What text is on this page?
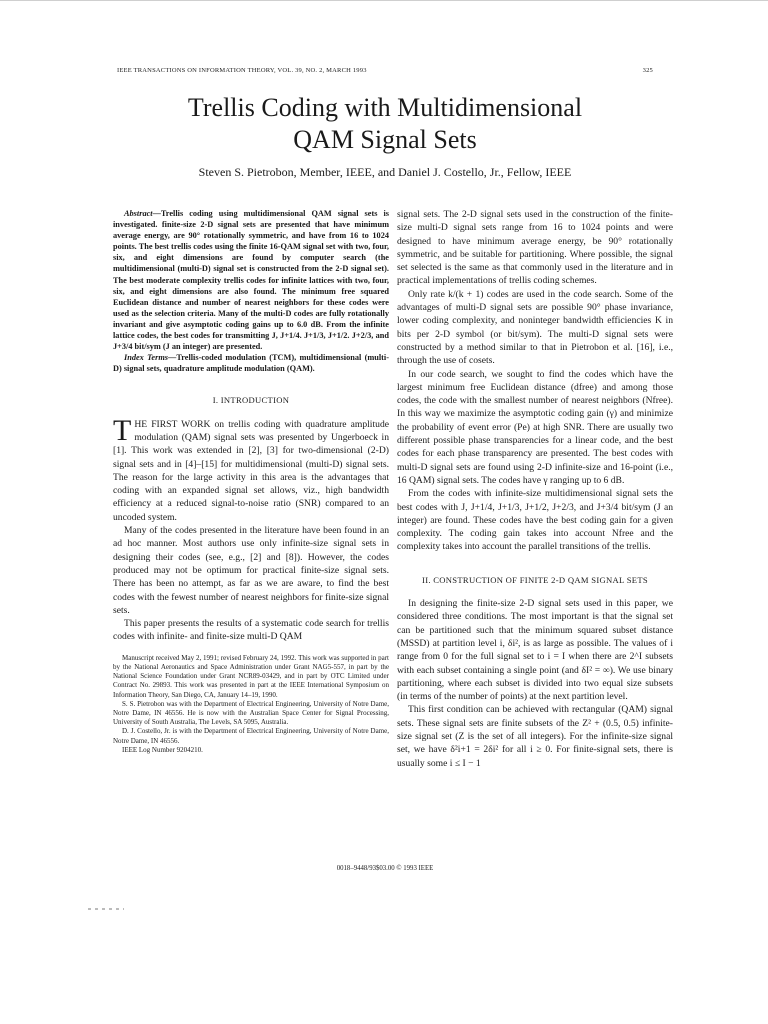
IEEE TRANSACTIONS ON INFORMATION THEORY, VOL. 39, NO. 2, MARCH 1993	325
Trellis Coding with Multidimensional
QAM Signal Sets
Steven S. Pietrobon, Member, IEEE, and Daniel J. Costello, Jr., Fellow, IEEE

Abstract—Trellis coding using multidimensional QAM signal sets is investigated. finite-size 2-D signal sets are presented that have minimum average energy, are 90° rotationally symmetric, and have from 16 to 1024 points. The best trellis codes using the finite 16-QAM signal set with two, four, six, and eight dimensions are found by computer search (the multidimensional (multi-D) signal set is constructed from the 2-D signal set). The best moderate complexity trellis codes for infinite lattices with two, four, six, and eight dimensions are also found. The minimum free squared Euclidean distance and number of nearest neighbors for these codes were used as the selection criteria. Many of the multi-D codes are fully rotationally invariant and give asymptotic coding gains up to 6.0 dB. From the infinite lattice codes, the best codes for transmitting J, J+1/4. J+1/3, J+1/2. J+2/3, and J+3/4 bit/sym (J an integer) are presented.

Index Terms—Trellis-coded modulation (TCM), multidimensional (multi-D) signal sets, quadrature amplitude modulation (QAM).

I. INTRODUCTION

THE FIRST WORK on trellis coding with quadrature amplitude modulation (QAM) signal sets was presented by Ungerboeck in [1]. This work was extended in [2], [3] for two-dimensional (2-D) signal sets and in [4]–[15] for multidimensional (multi-D) signal sets. The reason for the large activity in this area is the advantages that coding with an expanded signal set allows, viz., high bandwidth efficiency at a reduced signal-to-noise ratio (SNR) compared to an uncoded system.

Many of the codes presented in the literature have been found in an ad hoc manner. Most authors use only infinite-size signal sets in designing their codes (see, e.g., [2] and [8]). However, the codes produced may not be optimum for practical finite-size signal sets. There has been no attempt, as far as we are aware, to find the best codes with the fewest number of nearest neighbors for finite-size signal sets.

This paper presents the results of a systematic code search for trellis codes with infinite- and finite-size multi-D QAM

Manuscript received May 2, 1991; revised February 24, 1992. This work was supported in part by the National Aeronautics and Space Administration under Grant NAG5-557, in part by the National Science Foundation under Grant NCR89-03429, and in part by OTC Limited under Contract No. 29893. This work was presented in part at the IEEE International Symposium on Information Theory, San Diego, CA, January 14–19, 1990.

S. S. Pietrobon was with the Department of Electrical Engineering, University of Notre Dame, Notre Dame, IN 46556. He is now with the Australian Space Center for Signal Processing, University of South Australia, The Levels, SA 5095, Australia.

D. J. Costello, Jr. is with the Department of Electrical Engineering, University of Notre Dame, Notre Dame, IN 46556.

IEEE Log Number 9204210.

signal sets. The 2-D signal sets used in the construction of the finite-size multi-D signal sets range from 16 to 1024 points and were designed to have minimum average energy, be 90° rotationally symmetric, and be suitable for partitioning. Where possible, the signal set selected is the same as that commonly used in the literature and in practical implementations of trellis coding schemes.

Only rate k/(k + 1) codes are used in the code search. Some of the advantages of multi-D signal sets are possible 90° phase invariance, lower coding complexity, and noninteger bandwidth efficiencies K in bits per 2-D symbol (or bit/sym). The multi-D signal sets were constructed by a method similar to that in Pietrobon et al. [16], i.e., through the use of cosets.

In our code search, we sought to find the codes which have the largest minimum free Euclidean distance (dfree) and among those codes, the code with the smallest number of nearest neighbors (Nfree). In this way we maximize the asymptotic coding gain (γ) and minimize the probability of event error (Pe) at high SNR. There are usually two different possible phase transparencies for a linear code, and the best codes for each phase transparency are presented. The best codes with multi-D signal sets are found using 2-D infinite-size and 16-point (i.e., 16 QAM) signal sets. The codes have γ ranging up to 6 dB.

From the codes with infinite-size multidimensional signal sets the best codes with J, J+1/4, J+1/3, J+1/2, J+2/3, and J+3/4 bit/sym (J an integer) are found. These codes have the best coding gain for a given complexity. The coding gain takes into account Nfree and the complexity takes into account the parallel transitions of the trellis.

II. CONSTRUCTION OF FINITE 2-D QAM SIGNAL SETS

In designing the finite-size 2-D signal sets used in this paper, we considered three conditions. The most important is that the signal set can be partitioned such that the minimum squared subset distance (MSSD) at partition level i, δi², is as large as possible. The values of i range from 0 for the full signal set to i = I when there are 2^I subsets with each subset containing a single point (and δI² = ∞). We use binary partitioning, where each subset is divided into two equal size subsets (in terms of the number of points) at the next partition level.

This first condition can be achieved with rectangular (QAM) signal sets. These signal sets are finite subsets of the Z² + (0.5, 0.5) infinite-size signal set (Z is the set of all integers). For the infinite-size signal set, we have δ²i+1 = 2δi² for all i ≥ 0. For finite-signal sets, there is usually some i ≤ I − 1

0018–9448/93$03.00 © 1993 IEEE
